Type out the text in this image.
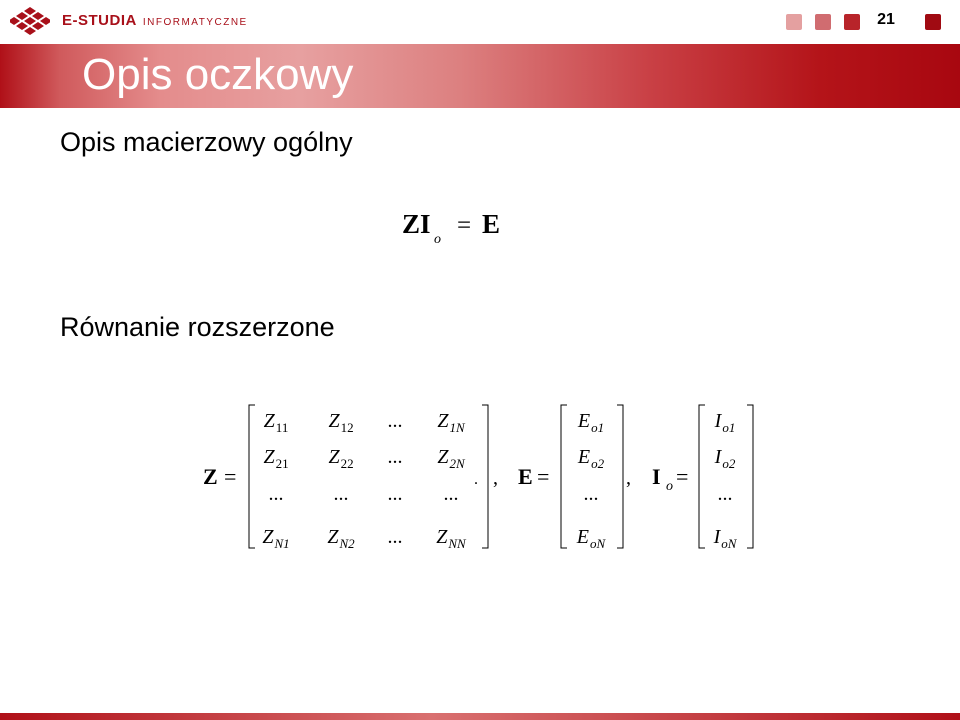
E-STUDIA INFORMATYCZNE	21
Opis oczkowy
Opis macierzowy ogólny
Równanie rozszerzone
ZI
o
= E
Z =
$Z_{11}$ $Z_{12}$ ... $Z_{1N}$
$Z_{21}$ $Z_{22}$ ... $Z_{2N}$
...	... ... ...
$Z_{N1}$ $Z_{N2}$ ... $Z_{NN}$
. , E =
$E_{o1}$
$E_{o2}$
...
$E_{oN}$
, I o =
$I_{o1}$
$I_{o2}$
...
$I_{oN}$
